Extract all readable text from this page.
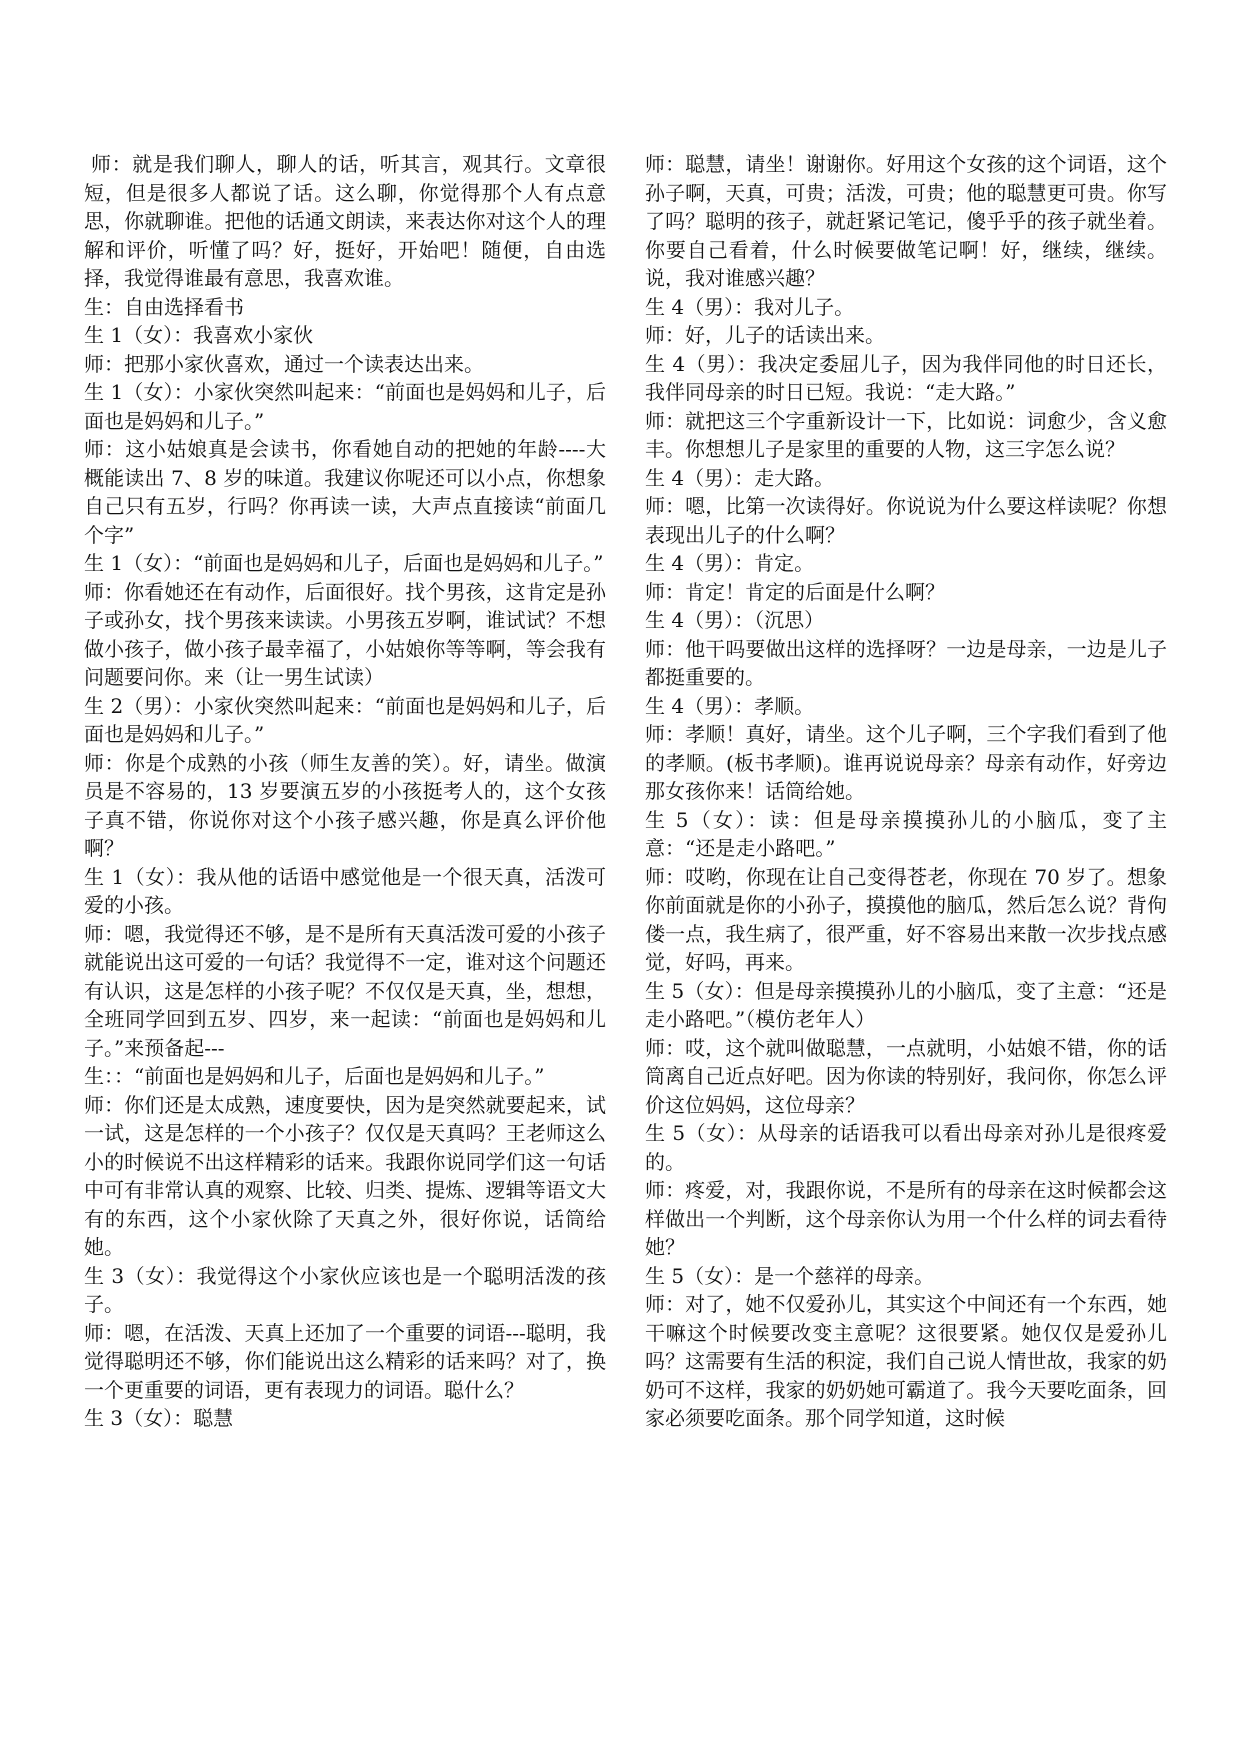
师：就是我们聊人，聊人的话，听其言，观其行。文章很短，但是很多人都说了话。这么聊，你觉得那个人有点意思，你就聊谁。把他的话通文朗读，来表达你对这个人的理解和评价，听懂了吗？好，挺好，开始吧！随便，自由选择，我觉得谁最有意思，我喜欢谁。

生：自由选择看书

生 1（女）：我喜欢小家伙

师：把那小家伙喜欢，通过一个读表达出来。

生 1（女）：小家伙突然叫起来：“前面也是妈妈和儿子，后面也是妈妈和儿子。”

师：这小姑娘真是会读书，你看她自动的把她的年龄----大概能读出 7、8 岁的味道。我建议你呢还可以小点，你想象自己只有五岁，行吗？你再读一读，大声点直接读“前面几个字”

生 1（女）：“前面也是妈妈和儿子，后面也是妈妈和儿子。”

师：你看她还在有动作，后面很好。找个男孩，这肯定是孙子或孙女，找个男孩来读读。小男孩五岁啊，谁试试？不想做小孩子，做小孩子最幸福了，小姑娘你等等啊，等会我有问题要问你。来（让一男生试读）

生 2（男）：小家伙突然叫起来：“前面也是妈妈和儿子，后面也是妈妈和儿子。”

师：你是个成熟的小孩（师生友善的笑）。好，请坐。做演员是不容易的，13 岁要演五岁的小孩挺考人的，这个女孩子真不错，你说你对这个小孩子感兴趣，你是真么评价他啊？

生 1（女）：我从他的话语中感觉他是一个很天真，活泼可爱的小孩。

师：嗯，我觉得还不够，是不是所有天真活泼可爱的小孩子就能说出这可爱的一句话？我觉得不一定，谁对这个问题还有认识，这是怎样的小孩子呢？不仅仅是天真，坐，想想，全班同学回到五岁、四岁，来一起读：“前面也是妈妈和儿子。”来预备起---

生：：“前面也是妈妈和儿子，后面也是妈妈和儿子。”

师：你们还是太成熟，速度要快，因为是突然就要起来，试一试，这是怎样的一个小孩子？仅仅是天真吗？王老师这么小的时候说不出这样精彩的话来。我跟你说同学们这一句话中可有非常认真的观察、比较、归类、提炼、逻辑等语文大有的东西，这个小家伙除了天真之外，很好你说，话筒给她。

生 3（女）：我觉得这个小家伙应该也是一个聪明活泼的孩子。

师：嗯，在活泼、天真上还加了一个重要的词语---聪明，我觉得聪明还不够，你们能说出这么精彩的话来吗？对了，换一个更重要的词语，更有表现力的词语。聪什么？

生 3（女）：聪慧

师：聪慧，请坐！谢谢你。好用这个女孩的这个词语，这个孙子啊，天真，可贵；活泼，可贵；他的聪慧更可贵。你写了吗？聪明的孩子，就赶紧记笔记，傻乎乎的孩子就坐着。你要自己看着，什么时候要做笔记啊！好，继续，继续。说，我对谁感兴趣？

生 4（男）：我对儿子。

师：好，儿子的话读出来。

生 4（男）：我决定委屈儿子，因为我伴同他的时日还长，我伴同母亲的时日已短。我说：“走大路。”

师：就把这三个字重新设计一下，比如说：词愈少，含义愈丰。你想想儿子是家里的重要的人物，这三字怎么说？

生 4（男）：走大路。

师：嗯，比第一次读得好。你说说为什么要这样读呢？你想表现出儿子的什么啊？

生 4（男）：肯定。

师：肯定！肯定的后面是什么啊？

生 4（男）：（沉思）

师：他干吗要做出这样的选择呀？一边是母亲，一边是儿子都挺重要的。

生 4（男）：孝顺。

师：孝顺！真好，请坐。这个儿子啊，三个字我们看到了他的孝顺。(板书孝顺)。谁再说说母亲？母亲有动作，好旁边那女孩你来！话筒给她。

生 5（女）：读：但是母亲摸摸孙儿的小脑瓜，变了主意：“还是走小路吧。”

师：哎哟，你现在让自己变得苍老，你现在 70 岁了。想象你前面就是你的小孙子，摸摸他的脑瓜，然后怎么说？背佝偻一点，我生病了，很严重，好不容易出来散一次步找点感觉，好吗，再来。

生 5（女）：但是母亲摸摸孙儿的小脑瓜，变了主意：“还是走小路吧。”（模仿老年人）

师：哎，这个就叫做聪慧，一点就明，小姑娘不错，你的话筒离自己近点好吧。因为你读的特别好，我问你，你怎么评价这位妈妈，这位母亲？

生 5（女）：从母亲的话语我可以看出母亲对孙儿是很疼爱的。

师：疼爱，对，我跟你说，不是所有的母亲在这时候都会这样做出一个判断，这个母亲你认为用一个什么样的词去看待她？

生 5（女）：是一个慈祥的母亲。

师：对了，她不仅爱孙儿，其实这个中间还有一个东西，她干嘛这个时候要改变主意呢？这很要紧。她仅仅是爱孙儿吗？这需要有生活的积淀，我们自己说人情世故，我家的奶奶可不这样，我家的奶奶她可霸道了。我今天要吃面条，回家必须要吃面条。那个同学知道，这时候
